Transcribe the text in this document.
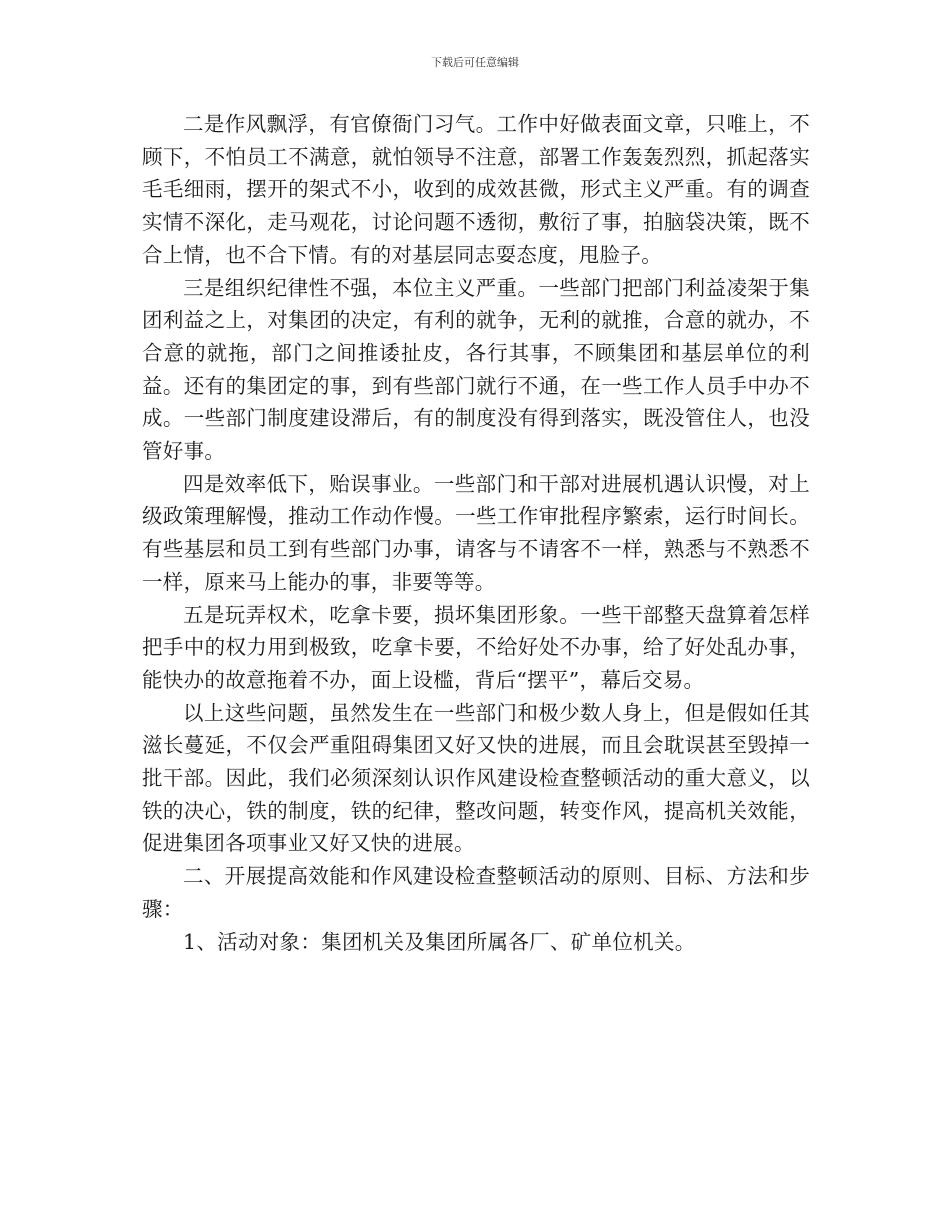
下载后可任意编辑

二是作风飘浮，有官僚衙门习气。工作中好做表面文章，只唯上，不顾下，不怕员工不满意，就怕领导不注意，部署工作轰轰烈烈，抓起落实毛毛细雨，摆开的架式不小，收到的成效甚微，形式主义严重。有的调查实情不深化，走马观花，讨论问题不透彻，敷衍了事，拍脑袋决策，既不合上情，也不合下情。有的对基层同志耍态度，甩脸子。

三是组织纪律性不强，本位主义严重。一些部门把部门利益凌架于集团利益之上，对集团的决定，有利的就争，无利的就推，合意的就办，不合意的就拖，部门之间推诿扯皮，各行其事，不顾集团和基层单位的利益。还有的集团定的事，到有些部门就行不通，在一些工作人员手中办不成。一些部门制度建设滞后，有的制度没有得到落实，既没管住人，也没管好事。

四是效率低下，贻误事业。一些部门和干部对进展机遇认识慢，对上级政策理解慢，推动工作动作慢。一些工作审批程序繁索，运行时间长。有些基层和员工到有些部门办事，请客与不请客不一样，熟悉与不熟悉不一样，原来马上能办的事，非要等等。

五是玩弄权术，吃拿卡要，损坏集团形象。一些干部整天盘算着怎样把手中的权力用到极致，吃拿卡要，不给好处不办事，给了好处乱办事，能快办的故意拖着不办，面上设槛，背后“摆平”，幕后交易。

以上这些问题，虽然发生在一些部门和极少数人身上，但是假如任其滋长蔓延，不仅会严重阻碍集团又好又快的进展，而且会耽误甚至毁掉一批干部。因此，我们必须深刻认识作风建设检查整顿活动的重大意义，以铁的决心，铁的制度，铁的纪律，整改问题，转变作风，提高机关效能，促进集团各项事业又好又快的进展。

二、开展提高效能和作风建设检查整顿活动的原则、目标、方法和步骤：

1、活动对象：集团机关及集团所属各厂、矿单位机关。
